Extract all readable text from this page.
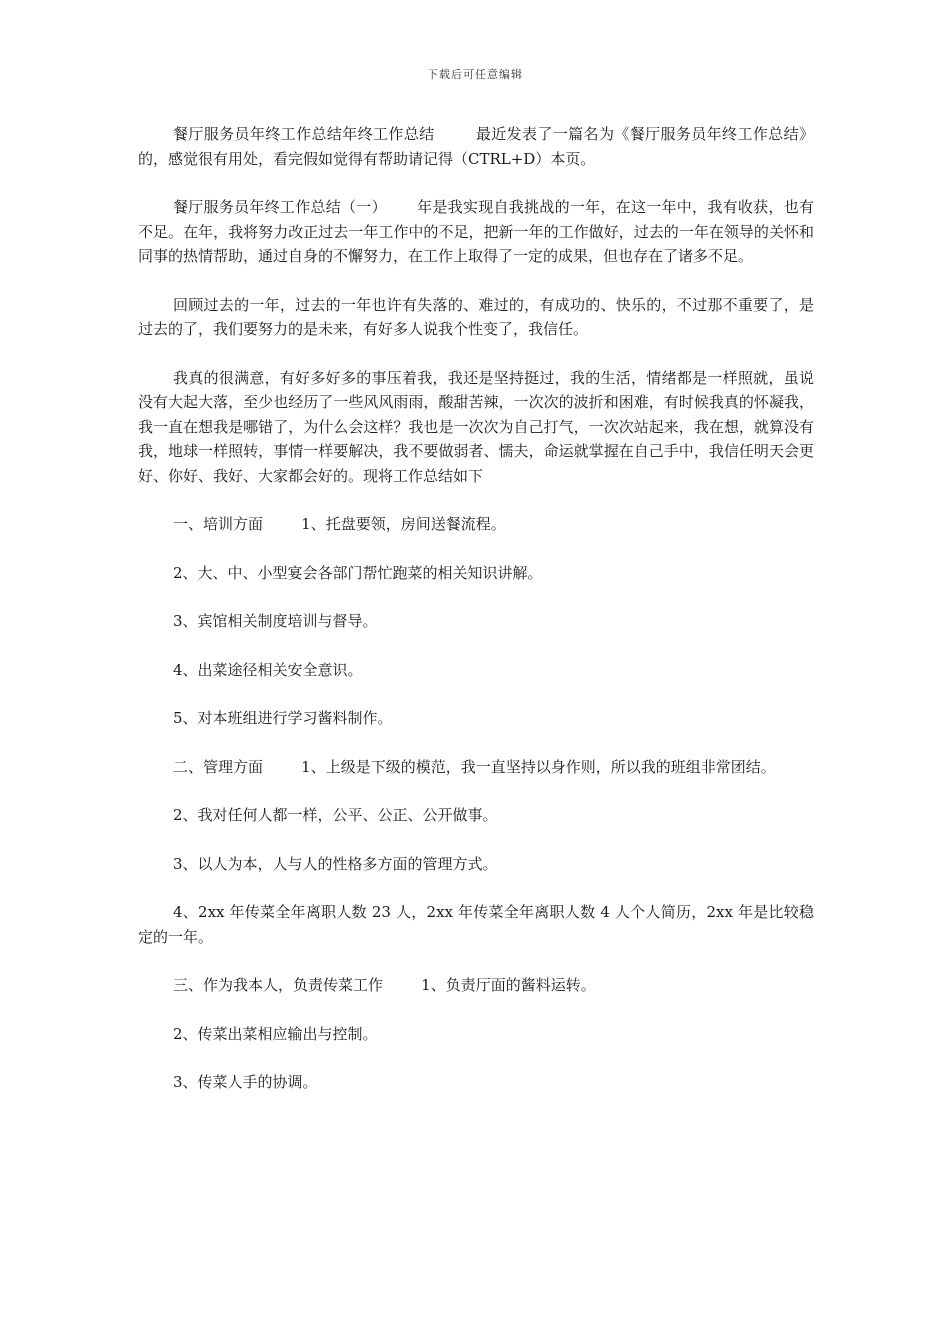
下载后可任意编辑

餐厅服务员年终工作总结年终工作总结        最近发表了一篇名为《餐厅服务员年终工作总结》的，感觉很有用处，看完假如觉得有帮助请记得（CTRL+D）本页。

餐厅服务员年终工作总结（一）      年是我实现自我挑战的一年，在这一年中，我有收获，也有不足。在年，我将努力改正过去一年工作中的不足，把新一年的工作做好，过去的一年在领导的关怀和同事的热情帮助，通过自身的不懈努力，在工作上取得了一定的成果，但也存在了诸多不足。

回顾过去的一年，过去的一年也许有失落的、难过的，有成功的、快乐的，不过那不重要了，是过去的了，我们要努力的是未来，有好多人说我个性变了，我信任。

我真的很满意，有好多好多的事压着我，我还是坚持挺过，我的生活，情绪都是一样照就，虽说没有大起大落，至少也经历了一些风风雨雨，酸甜苦辣，一次次的波折和困难，有时候我真的怀凝我，我一直在想我是哪错了，为什么会这样？我也是一次次为自己打气，一次次站起来，我在想，就算没有我，地球一样照转，事情一样要解决，我不要做弱者、懦夫，命运就掌握在自己手中，我信任明天会更好、你好、我好、大家都会好的。现将工作总结如下

一、培训方面        1、托盘要领，房间送餐流程。

2、大、中、小型宴会各部门帮忙跑菜的相关知识讲解。

3、宾馆相关制度培训与督导。

4、出菜途径相关安全意识。

5、对本班组进行学习酱料制作。

二、管理方面        1、上级是下级的模范，我一直坚持以身作则，所以我的班组非常团结。

2、我对任何人都一样，公平、公正、公开做事。

3、以人为本，人与人的性格多方面的管理方式。

4、2xx 年传菜全年离职人数 23 人，2xx 年传菜全年离职人数 4 人个人简历，2xx 年是比较稳定的一年。

三、作为我本人，负责传菜工作        1、负责厅面的酱料运转。

2、传菜出菜相应输出与控制。

3、传菜人手的协调。
